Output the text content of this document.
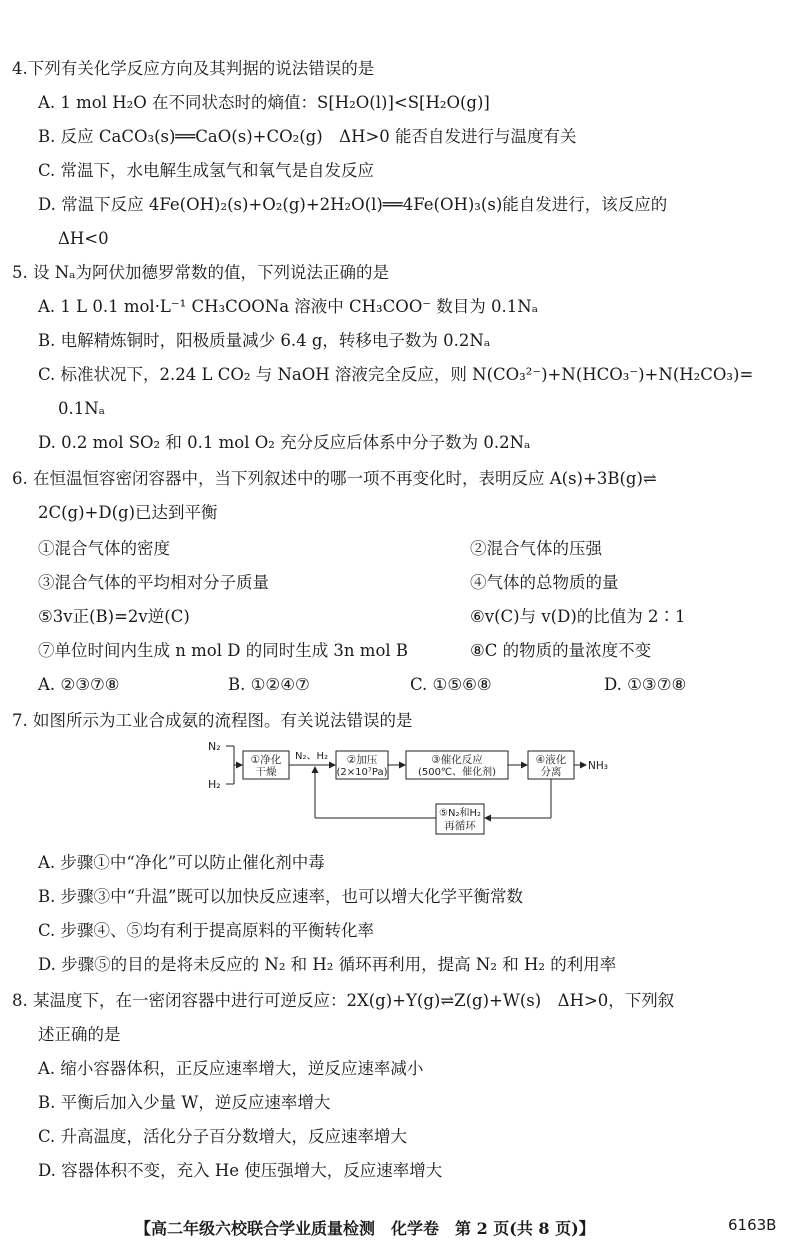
4.下列有关化学反应方向及其判据的说法错误的是
A. 1 mol H₂O 在不同状态时的熵值：S[H₂O(l)]<S[H₂O(g)]
B. 反应 CaCO₃(s)══CaO(s)+CO₂(g)　ΔH>0 能否自发进行与温度有关
C. 常温下，水电解生成氢气和氧气是自发反应
D. 常温下反应 4Fe(OH)₂(s)+O₂(g)+2H₂O(l)══4Fe(OH)₃(s)能自发进行，该反应的
ΔH<0
5. 设 Nₐ为阿伏加德罗常数的值，下列说法正确的是
A. 1 L 0.1 mol·L⁻¹ CH₃COONa 溶液中 CH₃COO⁻ 数目为 0.1Nₐ
B. 电解精炼铜时，阳极质量减少 6.4 g，转移电子数为 0.2Nₐ
C. 标准状况下，2.24 L CO₂ 与 NaOH 溶液完全反应，则 N(CO₃²⁻)+N(HCO₃⁻)+N(H₂CO₃)=
0.1Nₐ
D. 0.2 mol SO₂ 和 0.1 mol O₂ 充分反应后体系中分子数为 0.2Nₐ
6. 在恒温恒容密闭容器中，当下列叙述中的哪一项不再变化时，表明反应 A(s)+3B(g)⇌
2C(g)+D(g)已达到平衡
①混合气体的密度	②混合气体的压强
③混合气体的平均相对分子质量	④气体的总物质的量
⑤3v正(B)=2v逆(C)	⑥v(C)与 v(D)的比值为 2∶1
⑦单位时间内生成 n mol D 的同时生成 3n mol B	⑧C 的物质的量浓度不变
A. ②③⑦⑧	B. ①②④⑦	C. ①⑤⑥⑧	D. ①③⑦⑧
7. 如图所示为工业合成氨的流程图。有关说法错误的是
N₂
H₂
①净化
干燥
N₂、H₂ ②加压
(2×10⁷Pa)
③催化反应
(500℃、催化剂)
④液化
分离	NH₃
⑤N₂和H₂
再循环
A. 步骤①中“净化”可以防止催化剂中毒
B. 步骤③中“升温”既可以加快反应速率，也可以增大化学平衡常数
C. 步骤④、⑤均有利于提高原料的平衡转化率
D. 步骤⑤的目的是将未反应的 N₂ 和 H₂ 循环再利用，提高 N₂ 和 H₂ 的利用率
8. 某温度下，在一密闭容器中进行可逆反应：2X(g)+Y(g)⇌Z(g)+W(s)　ΔH>0，下列叙
述正确的是
A. 缩小容器体积，正反应速率增大，逆反应速率减小
B. 平衡后加入少量 W，逆反应速率增大
C. 升高温度，活化分子百分数增大，反应速率增大
D. 容器体积不变，充入 He 使压强增大，反应速率增大
【高二年级六校联合学业质量检测　化学卷　第 2 页(共 8 页)】	6163B
